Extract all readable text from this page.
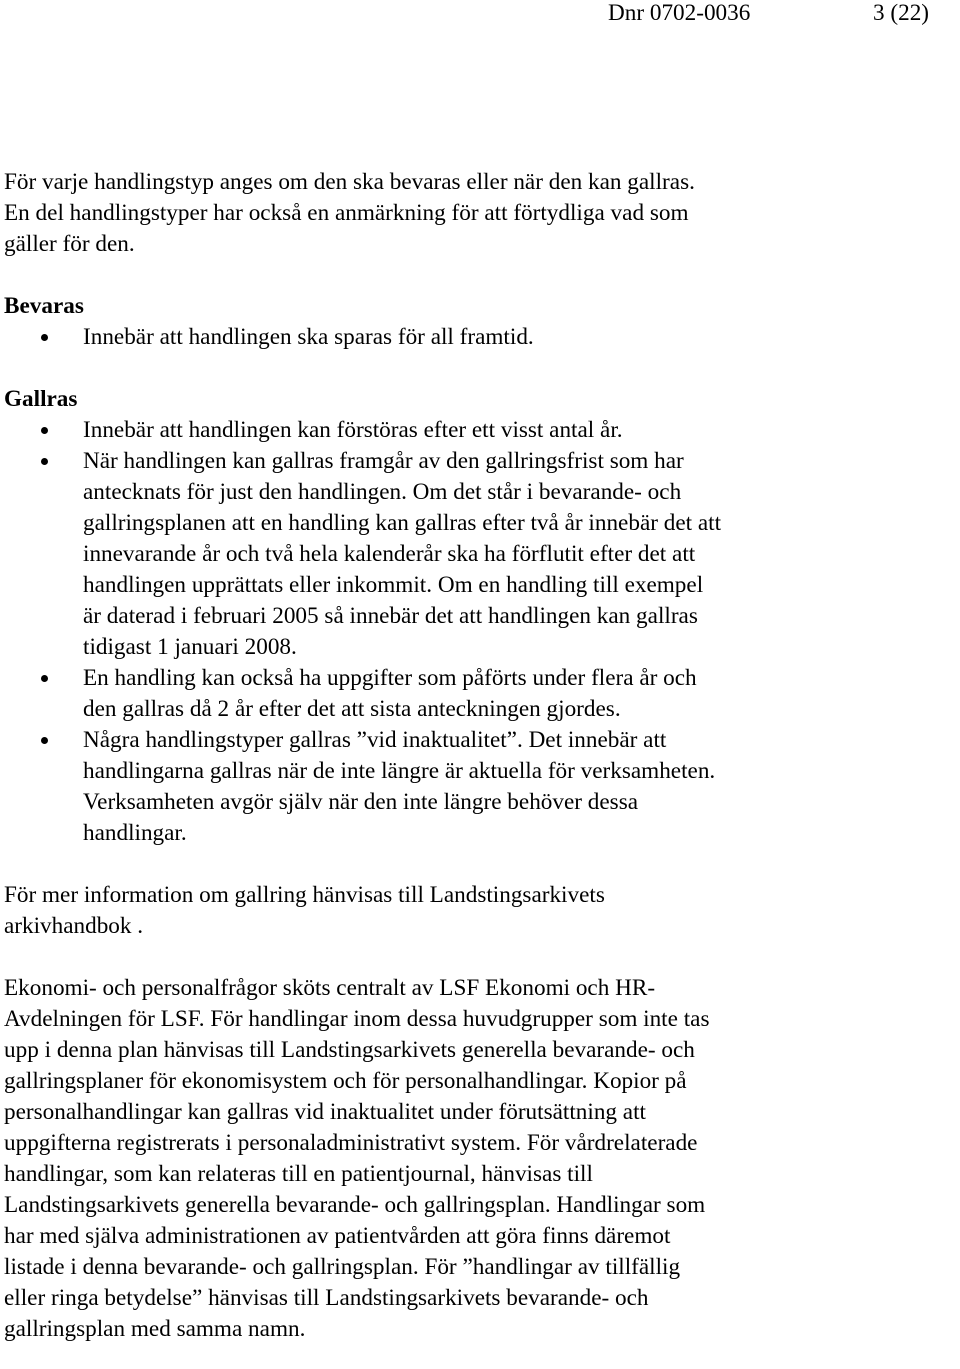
Dnr 0702-0036	3 (22)
För varje handlingstyp anges om den ska bevaras eller när den kan gallras.
En del handlingstyper har också en anmärkning för att förtydliga vad som
gäller för den.
Bevaras
Innebär att handlingen ska sparas för all framtid.
Gallras
Innebär att handlingen kan förstöras efter ett visst antal år.
När handlingen kan gallras framgår av den gallringsfrist som har
antecknats för just den handlingen. Om det står i bevarande- och
gallringsplanen att en handling kan gallras efter två år innebär det att
innevarande år och två hela kalenderår ska ha förflutit efter det att
handlingen upprättats eller inkommit. Om en handling till exempel
är daterad i februari 2005 så innebär det att handlingen kan gallras
tidigast 1 januari 2008.
En handling kan också ha uppgifter som påförts under flera år och
den gallras då 2 år efter det att sista anteckningen gjordes.
Några handlingstyper gallras ”vid inaktualitet”. Det innebär att
handlingarna gallras när de inte längre är aktuella för verksamheten.
Verksamheten avgör själv när den inte längre behöver dessa
handlingar.
För mer information om gallring hänvisas till Landstingsarkivets
arkivhandbok .
Ekonomi- och personalfrågor sköts centralt av LSF Ekonomi och HR-
Avdelningen för LSF. För handlingar inom dessa huvudgrupper som inte tas
upp i denna plan hänvisas till Landstingsarkivets generella bevarande- och
gallringsplaner för ekonomisystem och för personalhandlingar. Kopior på
personalhandlingar kan gallras vid inaktualitet under förutsättning att
uppgifterna registrerats i personaladministrativt system. För vårdrelaterade
handlingar, som kan relateras till en patientjournal, hänvisas till
Landstingsarkivets generella bevarande- och gallringsplan. Handlingar som
har med själva administrationen av patientvården att göra finns däremot
listade i denna bevarande- och gallringsplan. För ”handlingar av tillfällig
eller ringa betydelse” hänvisas till Landstingsarkivets bevarande- och
gallringsplan med samma namn.
